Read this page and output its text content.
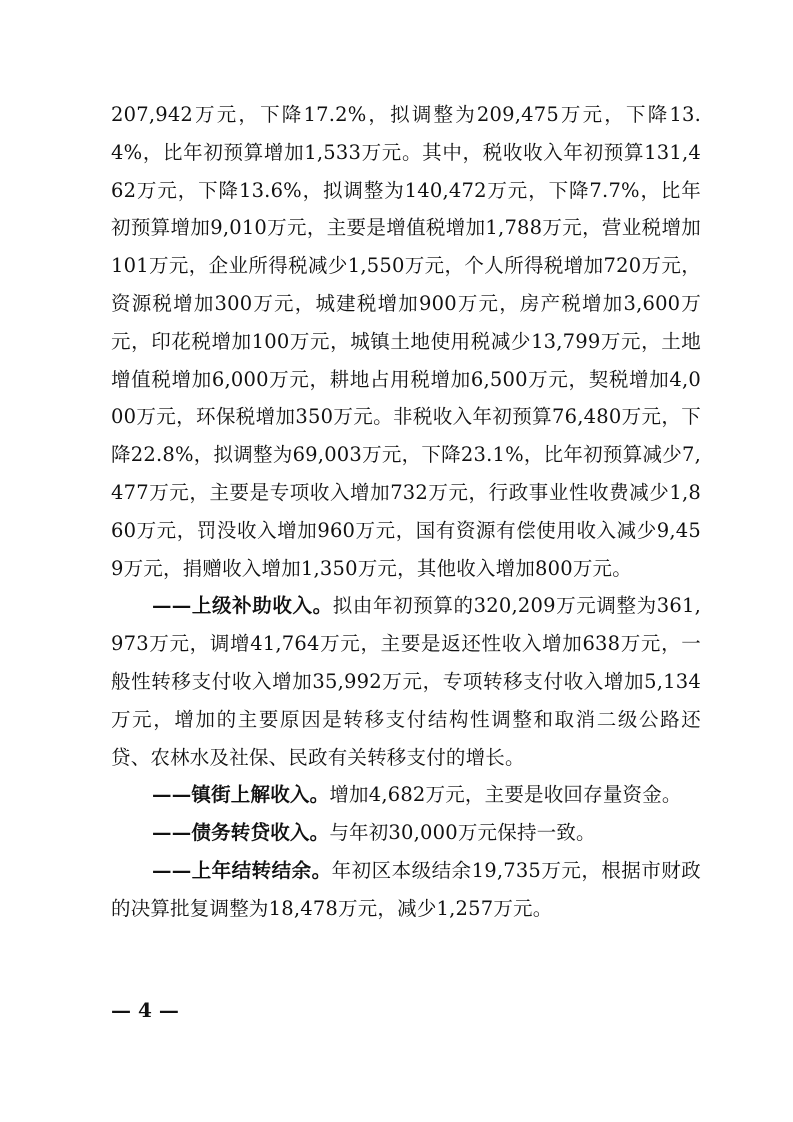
207,942万元，下降17.2%，拟调整为209,475万元，下降13.4%，比年初预算增加1,533万元。其中，税收收入年初预算131,462万元，下降13.6%，拟调整为140,472万元，下降7.7%，比年初预算增加9,010万元，主要是增值税增加1,788万元，营业税增加101万元，企业所得税减少1,550万元，个人所得税增加720万元，资源税增加300万元，城建税增加900万元，房产税增加3,600万元，印花税增加100万元，城镇土地使用税减少13,799万元，土地增值税增加6,000万元，耕地占用税增加6,500万元，契税增加4,000万元，环保税增加350万元。非税收入年初预算76,480万元，下降22.8%，拟调整为69,003万元，下降23.1%，比年初预算减少7,477万元，主要是专项收入增加732万元，行政事业性收费减少1,860万元，罚没收入增加960万元，国有资源有偿使用收入减少9,459万元，捐赠收入增加1,350万元，其他收入增加800万元。

——上级补助收入。拟由年初预算的320,209万元调整为361,973万元，调增41,764万元，主要是返还性收入增加638万元，一般性转移支付收入增加35,992万元，专项转移支付收入增加5,134万元，增加的主要原因是转移支付结构性调整和取消二级公路还贷、农林水及社保、民政有关转移支付的增长。

——镇街上解收入。增加4,682万元，主要是收回存量资金。

——债务转贷收入。与年初30,000万元保持一致。

——上年结转结余。年初区本级结余19,735万元，根据市财政的决算批复调整为18,478万元，减少1,257万元。

— 4 —
